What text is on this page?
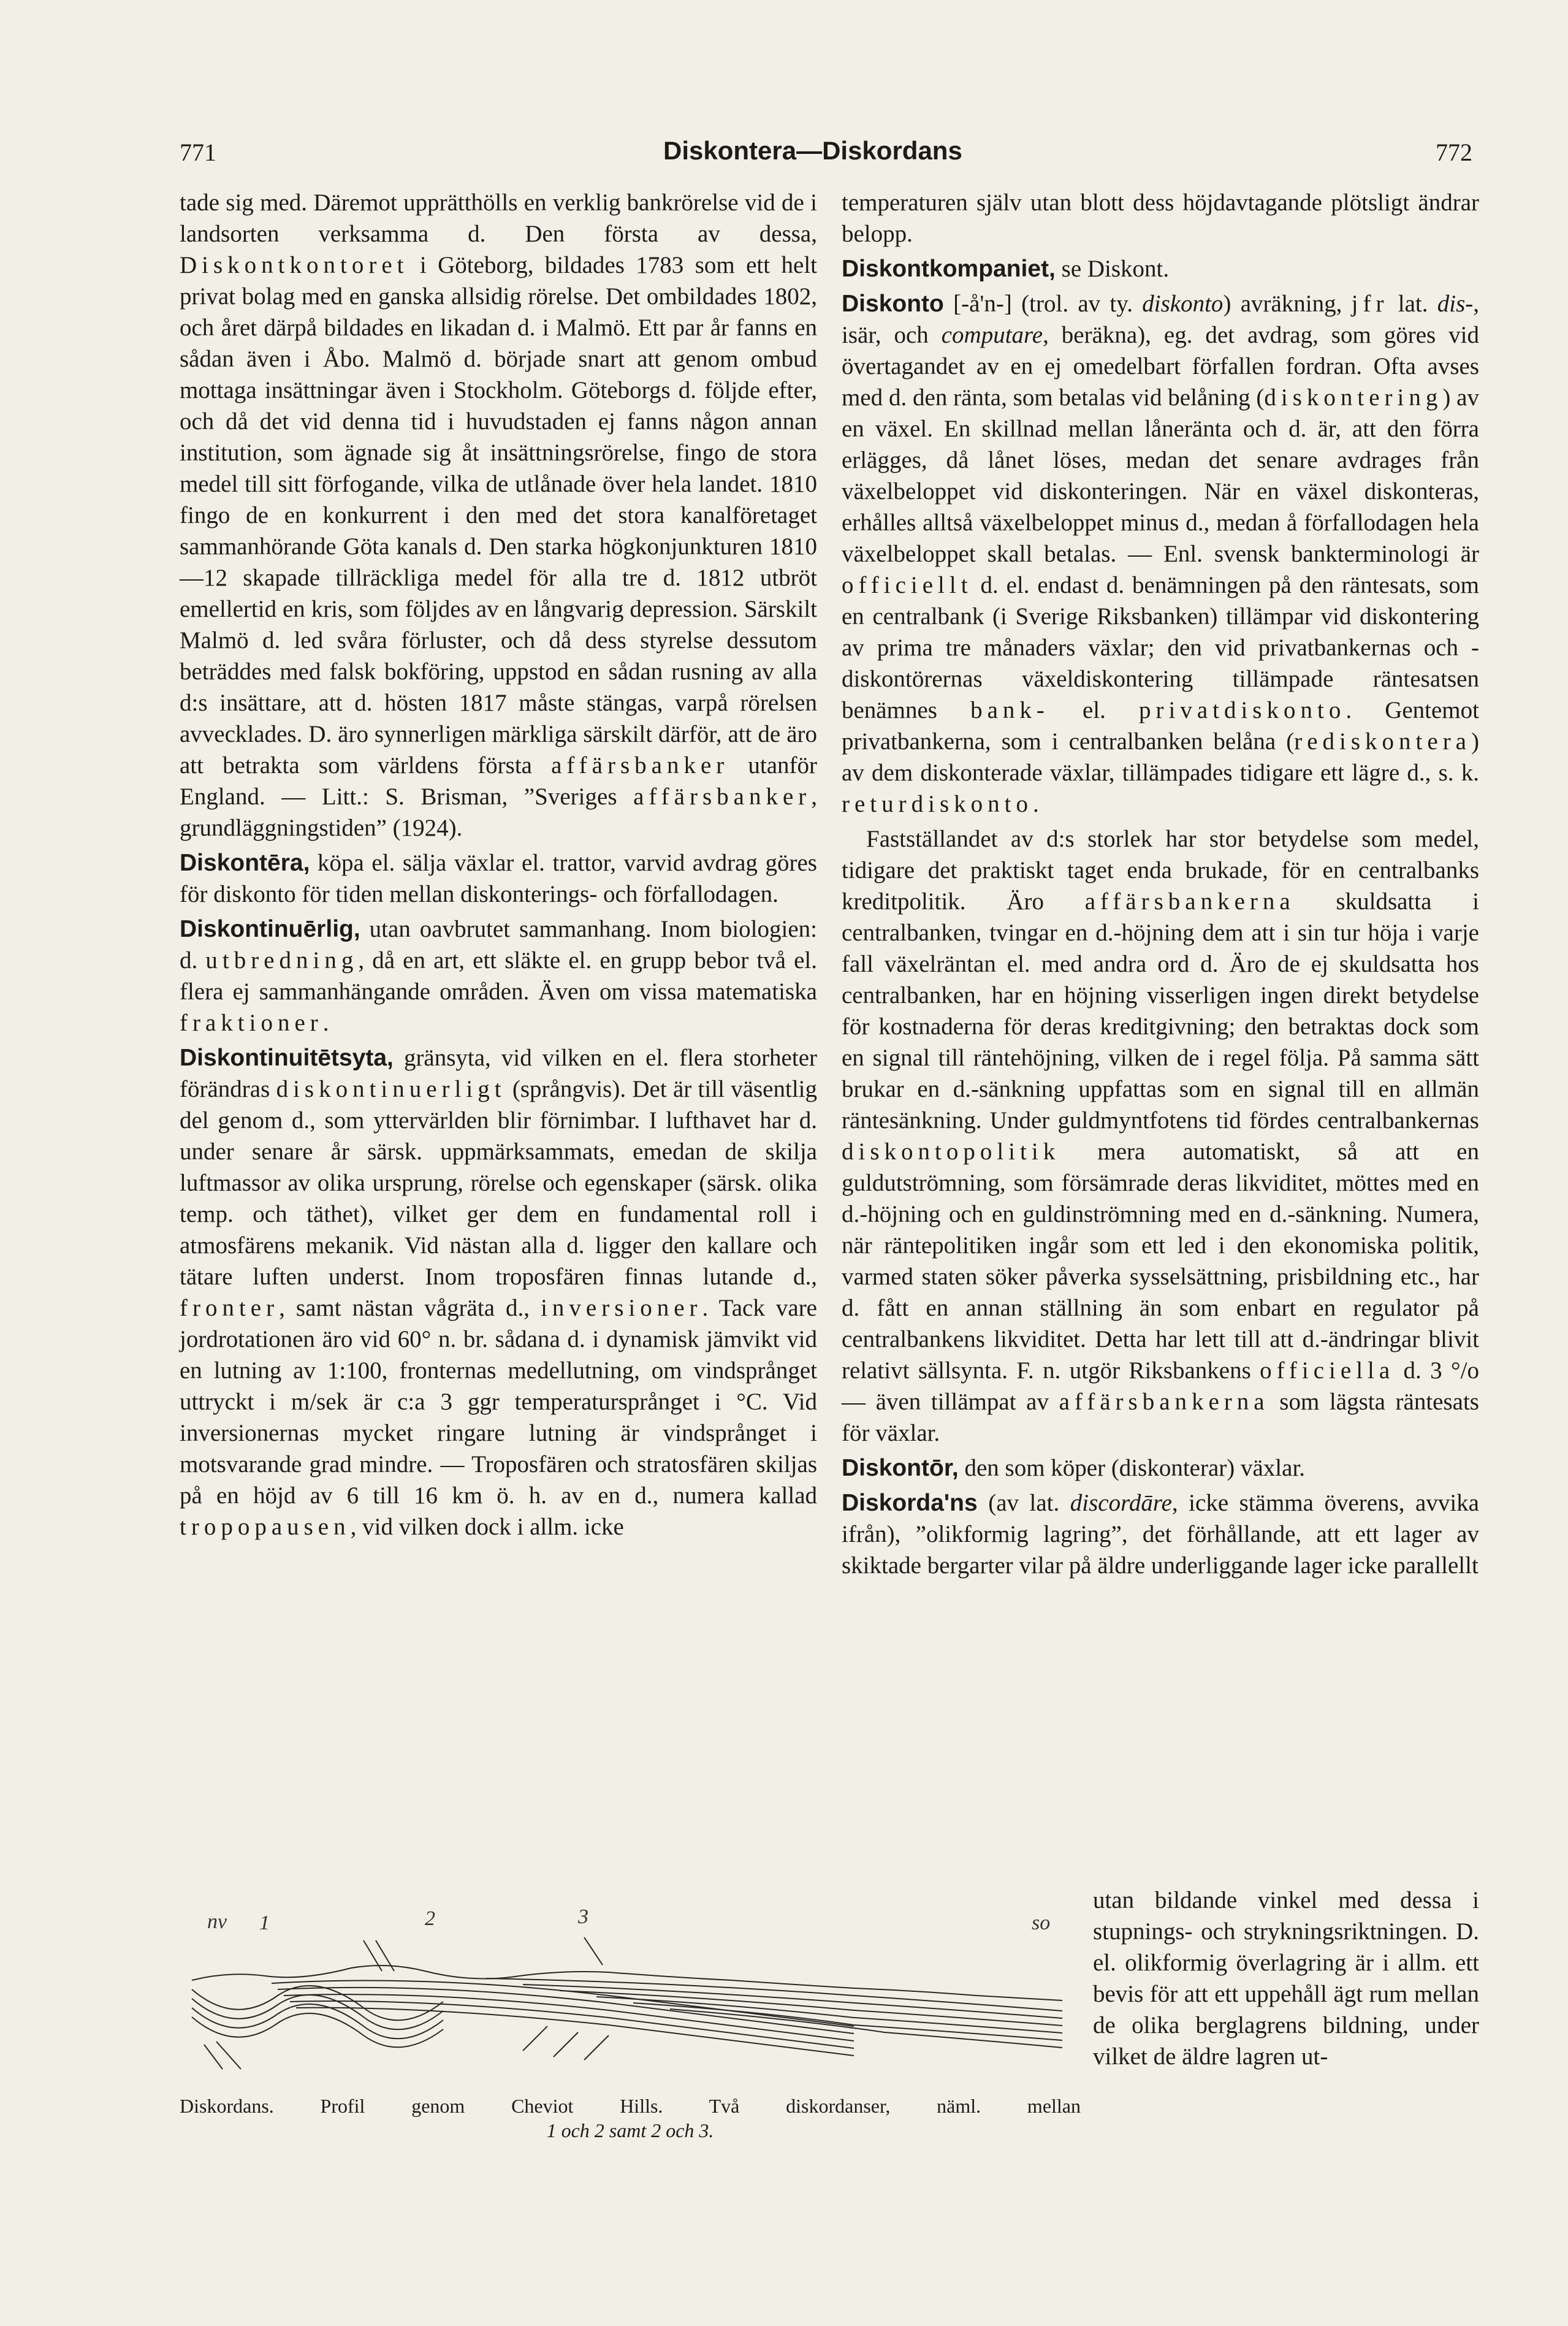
771	Diskontera—Diskordans	772

tade sig med. Däremot upprätthölls en verklig bankrörelse vid de i landsorten verksamma d. Den första av dessa, Diskontkontoret i Göteborg, bildades 1783 som ett helt privat bolag med en ganska allsidig rörelse. Det ombildades 1802, och året därpå bildades en likadan d. i Malmö. Ett par år fanns en sådan även i Åbo. Malmö d. började snart att genom ombud mottaga insättningar även i Stockholm. Göteborgs d. följde efter, och då det vid denna tid i huvudstaden ej fanns någon annan institution, som ägnade sig åt insättningsrörelse, fingo de stora medel till sitt förfogande, vilka de utlånade över hela landet. 1810 fingo de en konkurrent i den med det stora kanalföretaget sammanhörande Göta kanals d. Den starka högkonjunkturen 1810—12 skapade tillräckliga medel för alla tre d. 1812 utbröt emellertid en kris, som följdes av en långvarig depression. Särskilt Malmö d. led svåra förluster, och då dess styrelse dessutom beträddes med falsk bokföring, uppstod en sådan rusning av alla d:s insättare, att d. hösten 1817 måste stängas, varpå rörelsen avvecklades. D. äro synnerligen märkliga särskilt därför, att de äro att betrakta som världens första affärsbanker utanför England. — Litt.: S. Brisman, ”Sveriges affärsbanker, grundläggningstiden” (1924).

Diskontēra, köpa el. sälja växlar el. trattor, varvid avdrag göres för diskonto för tiden mellan diskonterings- och förfallodagen.

Diskontinuērlig, utan oavbrutet sammanhang. Inom biologien: d. utbredning, då en art, ett släkte el. en grupp bebor två el. flera ej sammanhängande områden. Även om vissa matematiska fraktioner.

Diskontinuitētsyta, gränsyta, vid vilken en el. flera storheter förändras diskontinuerligt (språngvis). Det är till väsentlig del genom d., som yttervärlden blir förnimbar. I lufthavet har d. under senare år särsk. uppmärksammats, emedan de skilja luftmassor av olika ursprung, rörelse och egenskaper (särsk. olika temp. och täthet), vilket ger dem en fundamental roll i atmosfärens mekanik. Vid nästan alla d. ligger den kallare och tätare luften underst. Inom troposfären finnas lutande d., fronter, samt nästan vågräta d., inversioner. Tack vare jordrotationen äro vid 60° n. br. sådana d. i dynamisk jämvikt vid en lutning av 1:100, fronternas medellutning, om vindsprånget uttryckt i m/sek är c:a 3 ggr temperatursprånget i °C. Vid inversionernas mycket ringare lutning är vindsprånget i motsvarande grad mindre. — Troposfären och stratosfären skiljas på en höjd av 6 till 16 km ö. h. av en d., numera kallad tropopausen, vid vilken dock i allm. icke

temperaturen själv utan blott dess höjdavtagande plötsligt ändrar belopp.

Diskontkompaniet, se Diskont.

Diskonto [-å'n-] (trol. av ty. diskonto) avräkning, jfr lat. dis-, isär, och computare, beräkna), eg. det avdrag, som göres vid övertagandet av en ej omedelbart förfallen fordran. Ofta avses med d. den ränta, som betalas vid belåning (diskontering) av en växel. En skillnad mellan låneränta och d. är, att den förra erlägges, då lånet löses, medan det senare avdrages från växelbeloppet vid diskonteringen. När en växel diskonteras, erhålles alltså växelbeloppet minus d., medan å förfallodagen hela växelbeloppet skall betalas. — Enl. svensk bankterminologi är officiellt d. el. endast d. benämningen på den räntesats, som en centralbank (i Sverige Riksbanken) tillämpar vid diskontering av prima tre månaders växlar; den vid privatbankernas och -diskontörernas växeldiskontering tillämpade räntesatsen benämnes bank- el. privatdiskonto. Gentemot privatbankerna, som i centralbanken belåna (rediskontera) av dem diskonterade växlar, tillämpades tidigare ett lägre d., s. k. returdiskonto.

Fastställandet av d:s storlek har stor betydelse som medel, tidigare det praktiskt taget enda brukade, för en centralbanks kreditpolitik. Äro affärsbankerna skuldsatta i centralbanken, tvingar en d.-höjning dem att i sin tur höja i varje fall växelräntan el. med andra ord d. Äro de ej skuldsatta hos centralbanken, har en höjning visserligen ingen direkt betydelse för kostnaderna för deras kreditgivning; den betraktas dock som en signal till räntehöjning, vilken de i regel följa. På samma sätt brukar en d.-sänkning uppfattas som en signal till en allmän räntesänkning. Under guldmyntfotens tid fördes centralbankernas diskontopolitik mera automatiskt, så att en guldutströmning, som försämrade deras likviditet, möttes med en d.-höjning och en guldinströmning med en d.-sänkning. Numera, när räntepolitiken ingår som ett led i den ekonomiska politik, varmed staten söker påverka sysselsättning, prisbildning etc., har d. fått en annan ställning än som enbart en regulator på centralbankens likviditet. Detta har lett till att d.-ändringar blivit relativt sällsynta. F. n. utgör Riksbankens officiella d. 3 °/o — även tillämpat av affärsbankerna som lägsta räntesats för växlar.

Diskontōr, den som köper (diskonterar) växlar.

Diskorda'ns (av lat. discordāre, icke stämma överens, avvika ifrån), ”olikformig lagring”, det förhållande, att ett lager av skiktade bergarter vilar på äldre underliggande lager icke parallellt

utan bildande vinkel med dessa i stupnings- och strykningsriktningen. D. el. olikformig överlagring är i allm. ett bevis för att ett uppehåll ägt rum mellan de olika berglagrens bildning, under vilket de äldre lagren ut-
nv 1	2	3	so
Diskordans. Profil genom Cheviot Hills. Två diskordanser, näml. mellan
1 och 2 samt 2 och 3.
